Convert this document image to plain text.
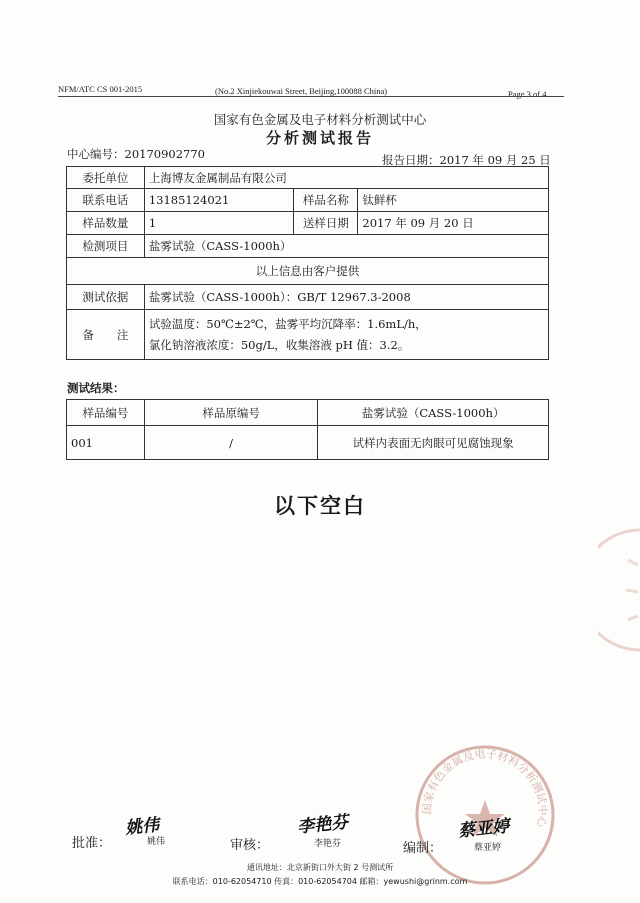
NFM/ATC CS 001-2015	(No.2 Xinjiekouwai Street, Beijing,100088 China)	Page 3 of 4
国家有色金属及电子材料分析测试中心
分析测试报告
中心编号：20170902770	报告日期：2017 年 09 月 25 日
委托单位	上海博友金属制品有限公司		
联系电话	13185124021	样品名称	钛鲜杯
样品数量	1	送样日期	2017 年 09 月 20 日
检测项目	盐雾试验（CASS-1000h）		
以上信息由客户提供			
测试依据	盐雾试验（CASS-1000h）：GB/T 12967.3-2008		
备　　注	试验温度：50℃±2℃，盐雾平均沉降率：1.6mL/h，
氯化钠溶液浓度：50g/L，收集溶液 pH 值：3.2。		
测试结果：
样品编号	样品原编号	盐雾试验（CASS-1000h）
001	/	试样内表面无肉眼可见腐蚀现象
以下空白
国家有色金属及电子材料分析测试中心
批准：
姚伟
姚伟	审核：
李艳芬
李艳芬	编制：
蔡亚婷
蔡亚婷
通讯地址：北京新街口外大街 2 号测试所
联系电话：010-62054710 传真：010-62054704 邮箱：yewushi@grinm.com
